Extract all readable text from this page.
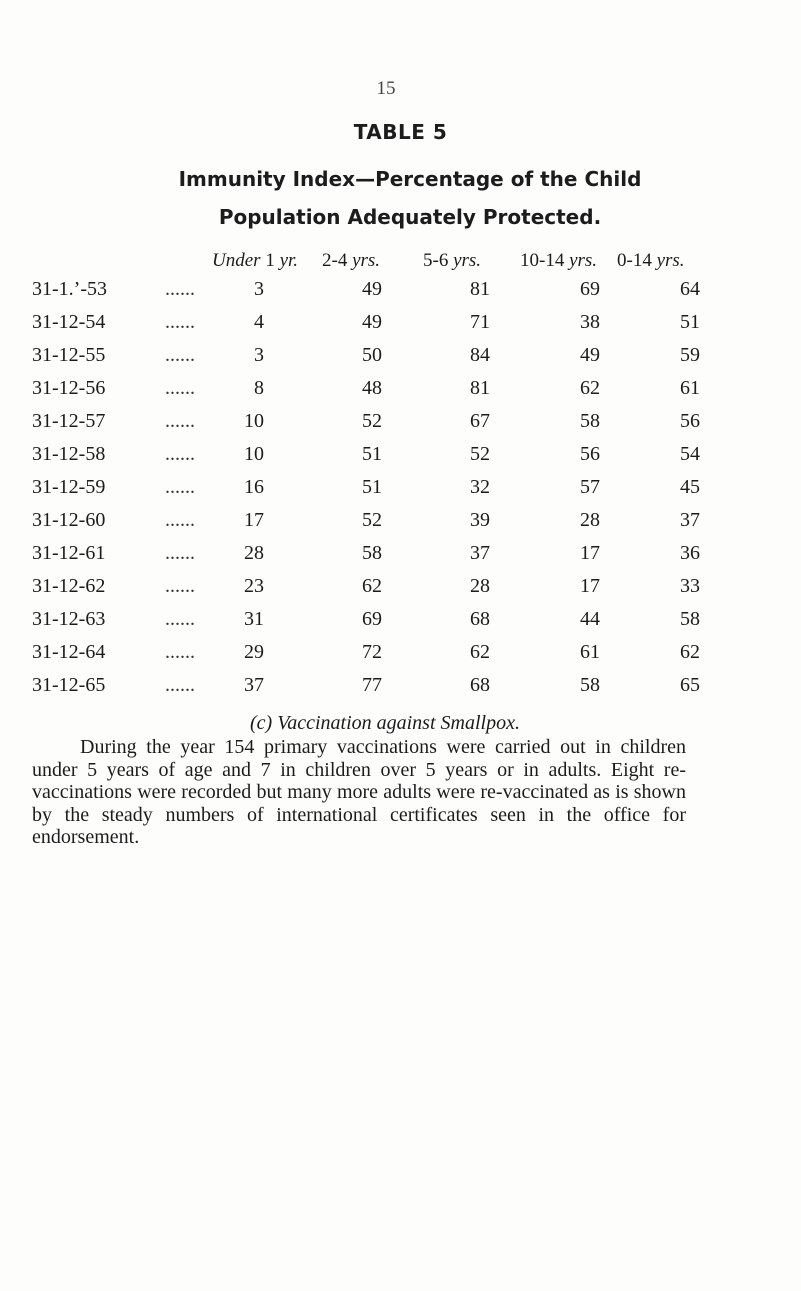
15
TABLE 5
Immunity Index—Percentage of the Child
Population Adequately Protected.
Under 1 yr. 2-4 yrs. 5-6 yrs. 10-14 yrs. 0-14 yrs.
31-1.’-53	......	3	49	81	69	64
31-12-54	......	4	49	71	38	51
31-12-55	......	3	50	84	49	59
31-12-56	......	8	48	81	62	61
31-12-57	......	10	52	67	58	56
31-12-58	......	10	51	52	56	54
31-12-59	......	16	51	32	57	45
31-12-60	......	17	52	39	28	37
31-12-61	......	28	58	37	17	36
31-12-62	......	23	62	28	17	33
31-12-63	......	31	69	68	44	58
31-12-64	......	29	72	62	61	62
31-12-65	......	37	77	68	58	65
(c) Vaccination against Smallpox.
During the year 154 primary vaccinations were carried out in children under 5 years of age and 7 in children over 5 years or in adults. Eight re-vaccinations were recorded but many more adults were re-vaccinated as is shown by the steady numbers of international certificates seen in the office for endorsement.
